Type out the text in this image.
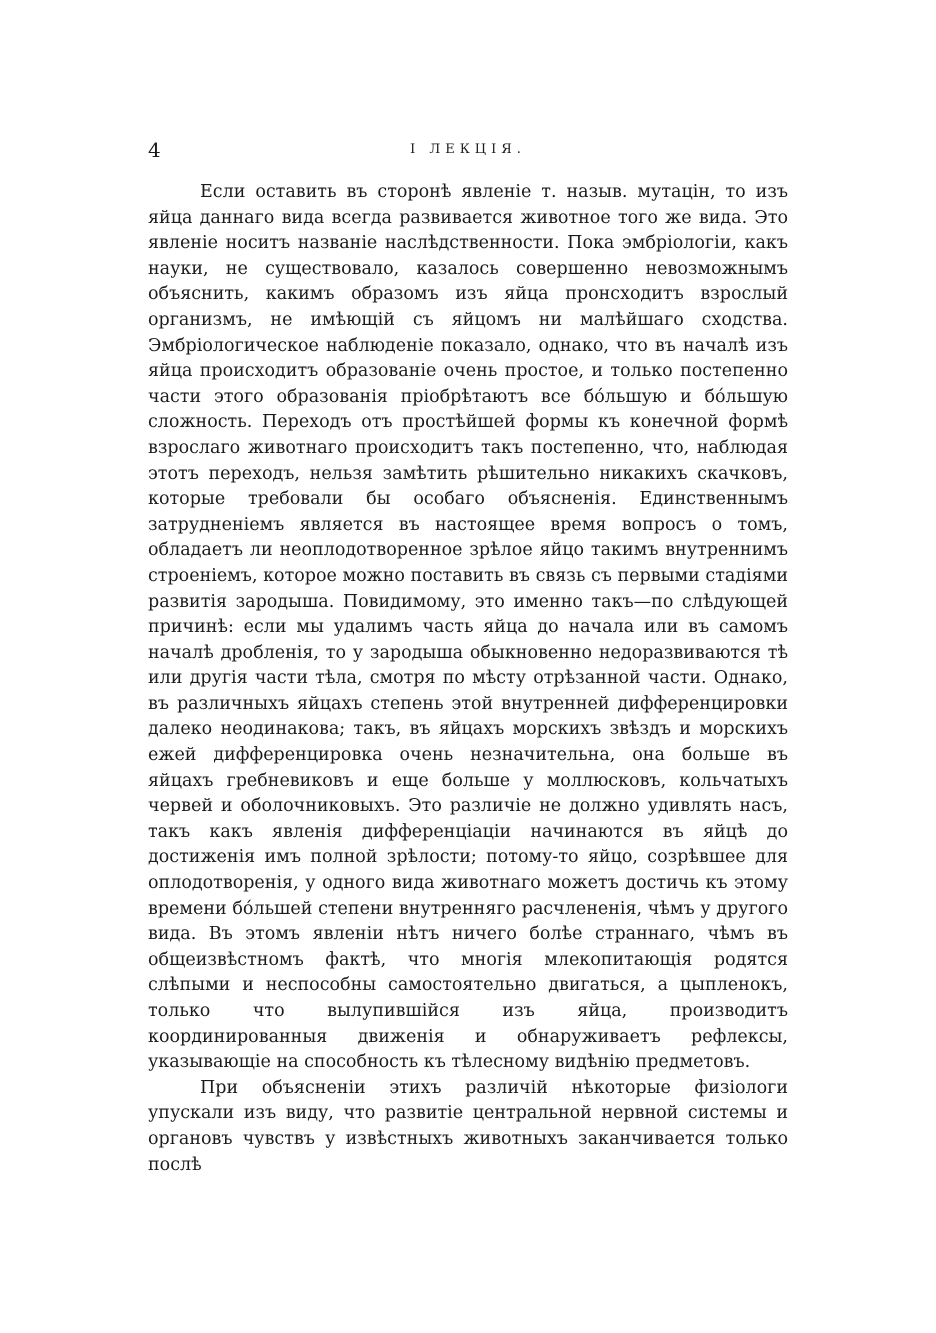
4	I ЛЕКЦІЯ.

Если оставить въ сторонѣ явленіе т. назыв. мутацін, то изъ яйца даннаго вида всегда развивается животное того же вида. Это явленіе носитъ названіе наслѣдственности. Пока эмбріологіи, какъ науки, не существовало, казалось совершенно невозможнымъ объяснить, какимъ образомъ изъ яйца пронсходитъ взрослый организмъ, не имѣющій съ яйцомъ ни малѣйшаго сходства. Эмбріологическое наблюденіе показало, однако, что въ началѣ изъ яйца происходитъ образованіе очень простое, и только постепенно части этого образованія пріобрѣтаютъ все бóльшую и бóльшую сложность. Переходъ отъ простѣйшей формы къ конечной формѣ взрослаго животнаго происходитъ такъ постепенно, что, наблюдая этотъ переходъ, нельзя замѣтить рѣшительно никакихъ скачковъ, которые требовали бы особаго объясненія. Единственнымъ затрудненіемъ является въ настоящее время вопросъ о томъ, обладаетъ ли неоплодотворенное зрѣлое яйцо такимъ внутреннимъ строеніемъ, которое можно поставить въ связь съ первыми стадіями развитія зародыша. Повидимому, это именно такъ—по слѣдующей причинѣ: если мы удалимъ часть яйца до начала или въ самомъ началѣ дробленія, то у зародыша обыкновенно недоразвиваются тѣ или другія части тѣла, смотря по мѣсту отрѣзанной части. Однако, въ различныхъ яйцахъ степень этой внутренней дифференцировки далеко неодинакова; такъ, въ яйцахъ морскихъ звѣздъ и морскихъ ежей дифференцировка очень незначительна, она больше въ яйцахъ гребневиковъ и еще больше у моллюсковъ, кольчатыхъ червей и оболочниковыхъ. Это различіе не должно удивлять насъ, такъ какъ явленія дифференціаціи начинаются въ яйцѣ до достиженія имъ полной зрѣлости; потому-то яйцо, созрѣвшее для оплодотворенія, у одного вида животнаго можетъ достичь къ этому времени бóльшей степени внутренняго расчлененія, чѣмъ у другого вида. Въ этомъ явленіи нѣтъ ничего болѣе страннаго, чѣмъ въ общеизвѣстномъ фактѣ, что многія млекопитающія родятся слѣпыми и неспособны самостоятельно двигаться, а цыпленокъ, только что вылупившійся изъ яйца, производитъ координированныя движенія и обнаруживаетъ рефлексы, указывающіе на способность къ тѣлесному видѣнію предметовъ.

При объясненіи этихъ различій нѣкоторые физіологи упускали изъ виду, что развитіе центральной нервной системы и органовъ чувствъ у извѣстныхъ животныхъ заканчивается только послѣ
